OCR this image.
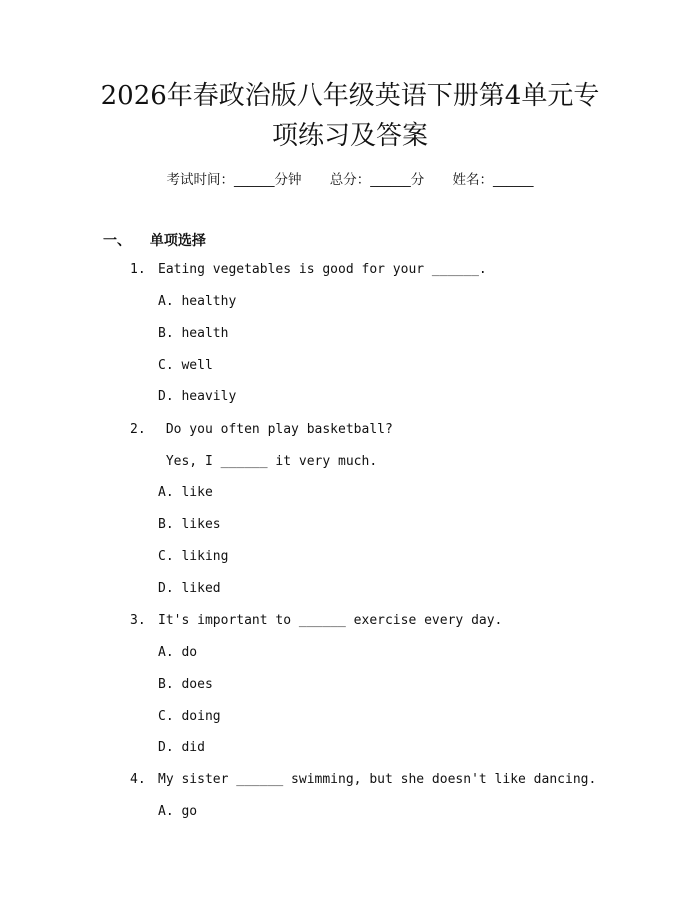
2026年春政治版八年级英语下册第4单元专
项练习及答案
考试时间：______分钟 总分：______分 姓名：______
一、 单项选择
1. Eating vegetables is good for your ______.
A. healthy
B. health
C. well
D. heavily
2. Do you often play basketball?
Yes, I ______ it very much.
A. like
B. likes
C. liking
D. liked
3. It's important to ______ exercise every day.
A. do
B. does
C. doing
D. did
4. My sister ______ swimming, but she doesn't like dancing.
A. go
